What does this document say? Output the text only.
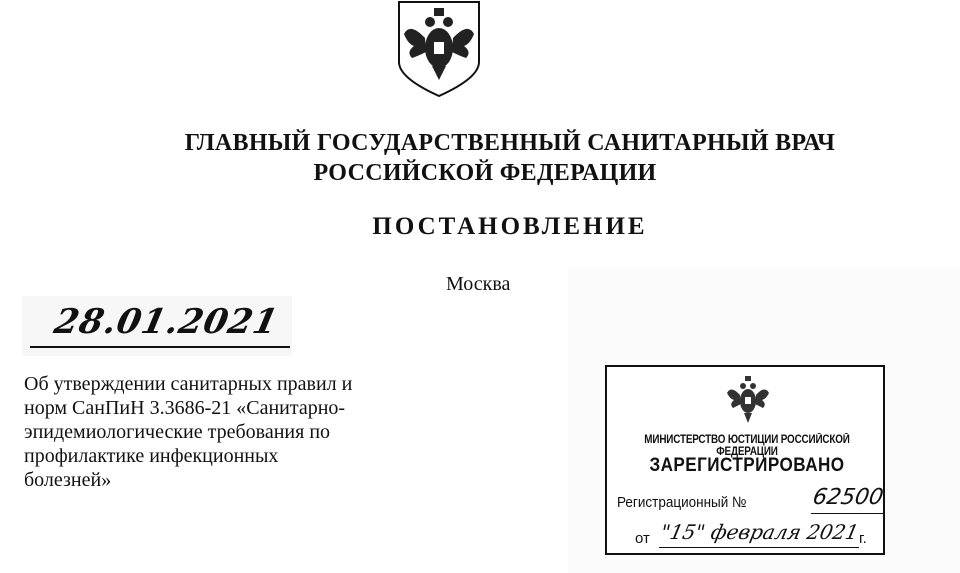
ГЛАВНЫЙ ГОСУДАРСТВЕННЫЙ САНИТАРНЫЙ ВРАЧ
РОССИЙСКОЙ ФЕДЕРАЦИИ
ПОСТАНОВЛЕНИЕ
Москва
28.01.2021
Об утверждении санитарных правил и
норм СанПиН 3.3686-21 «Санитарно-
эпидемиологические требования по
профилактике инфекционных
болезней»
МИНИСТЕРСТВО ЮСТИЦИИ РОССИЙСКОЙ ФЕДЕРАЦИИ
ЗАРЕГИСТРИРОВАНО
Регистрационный №	62500
от "15" февраля 2021
г.
